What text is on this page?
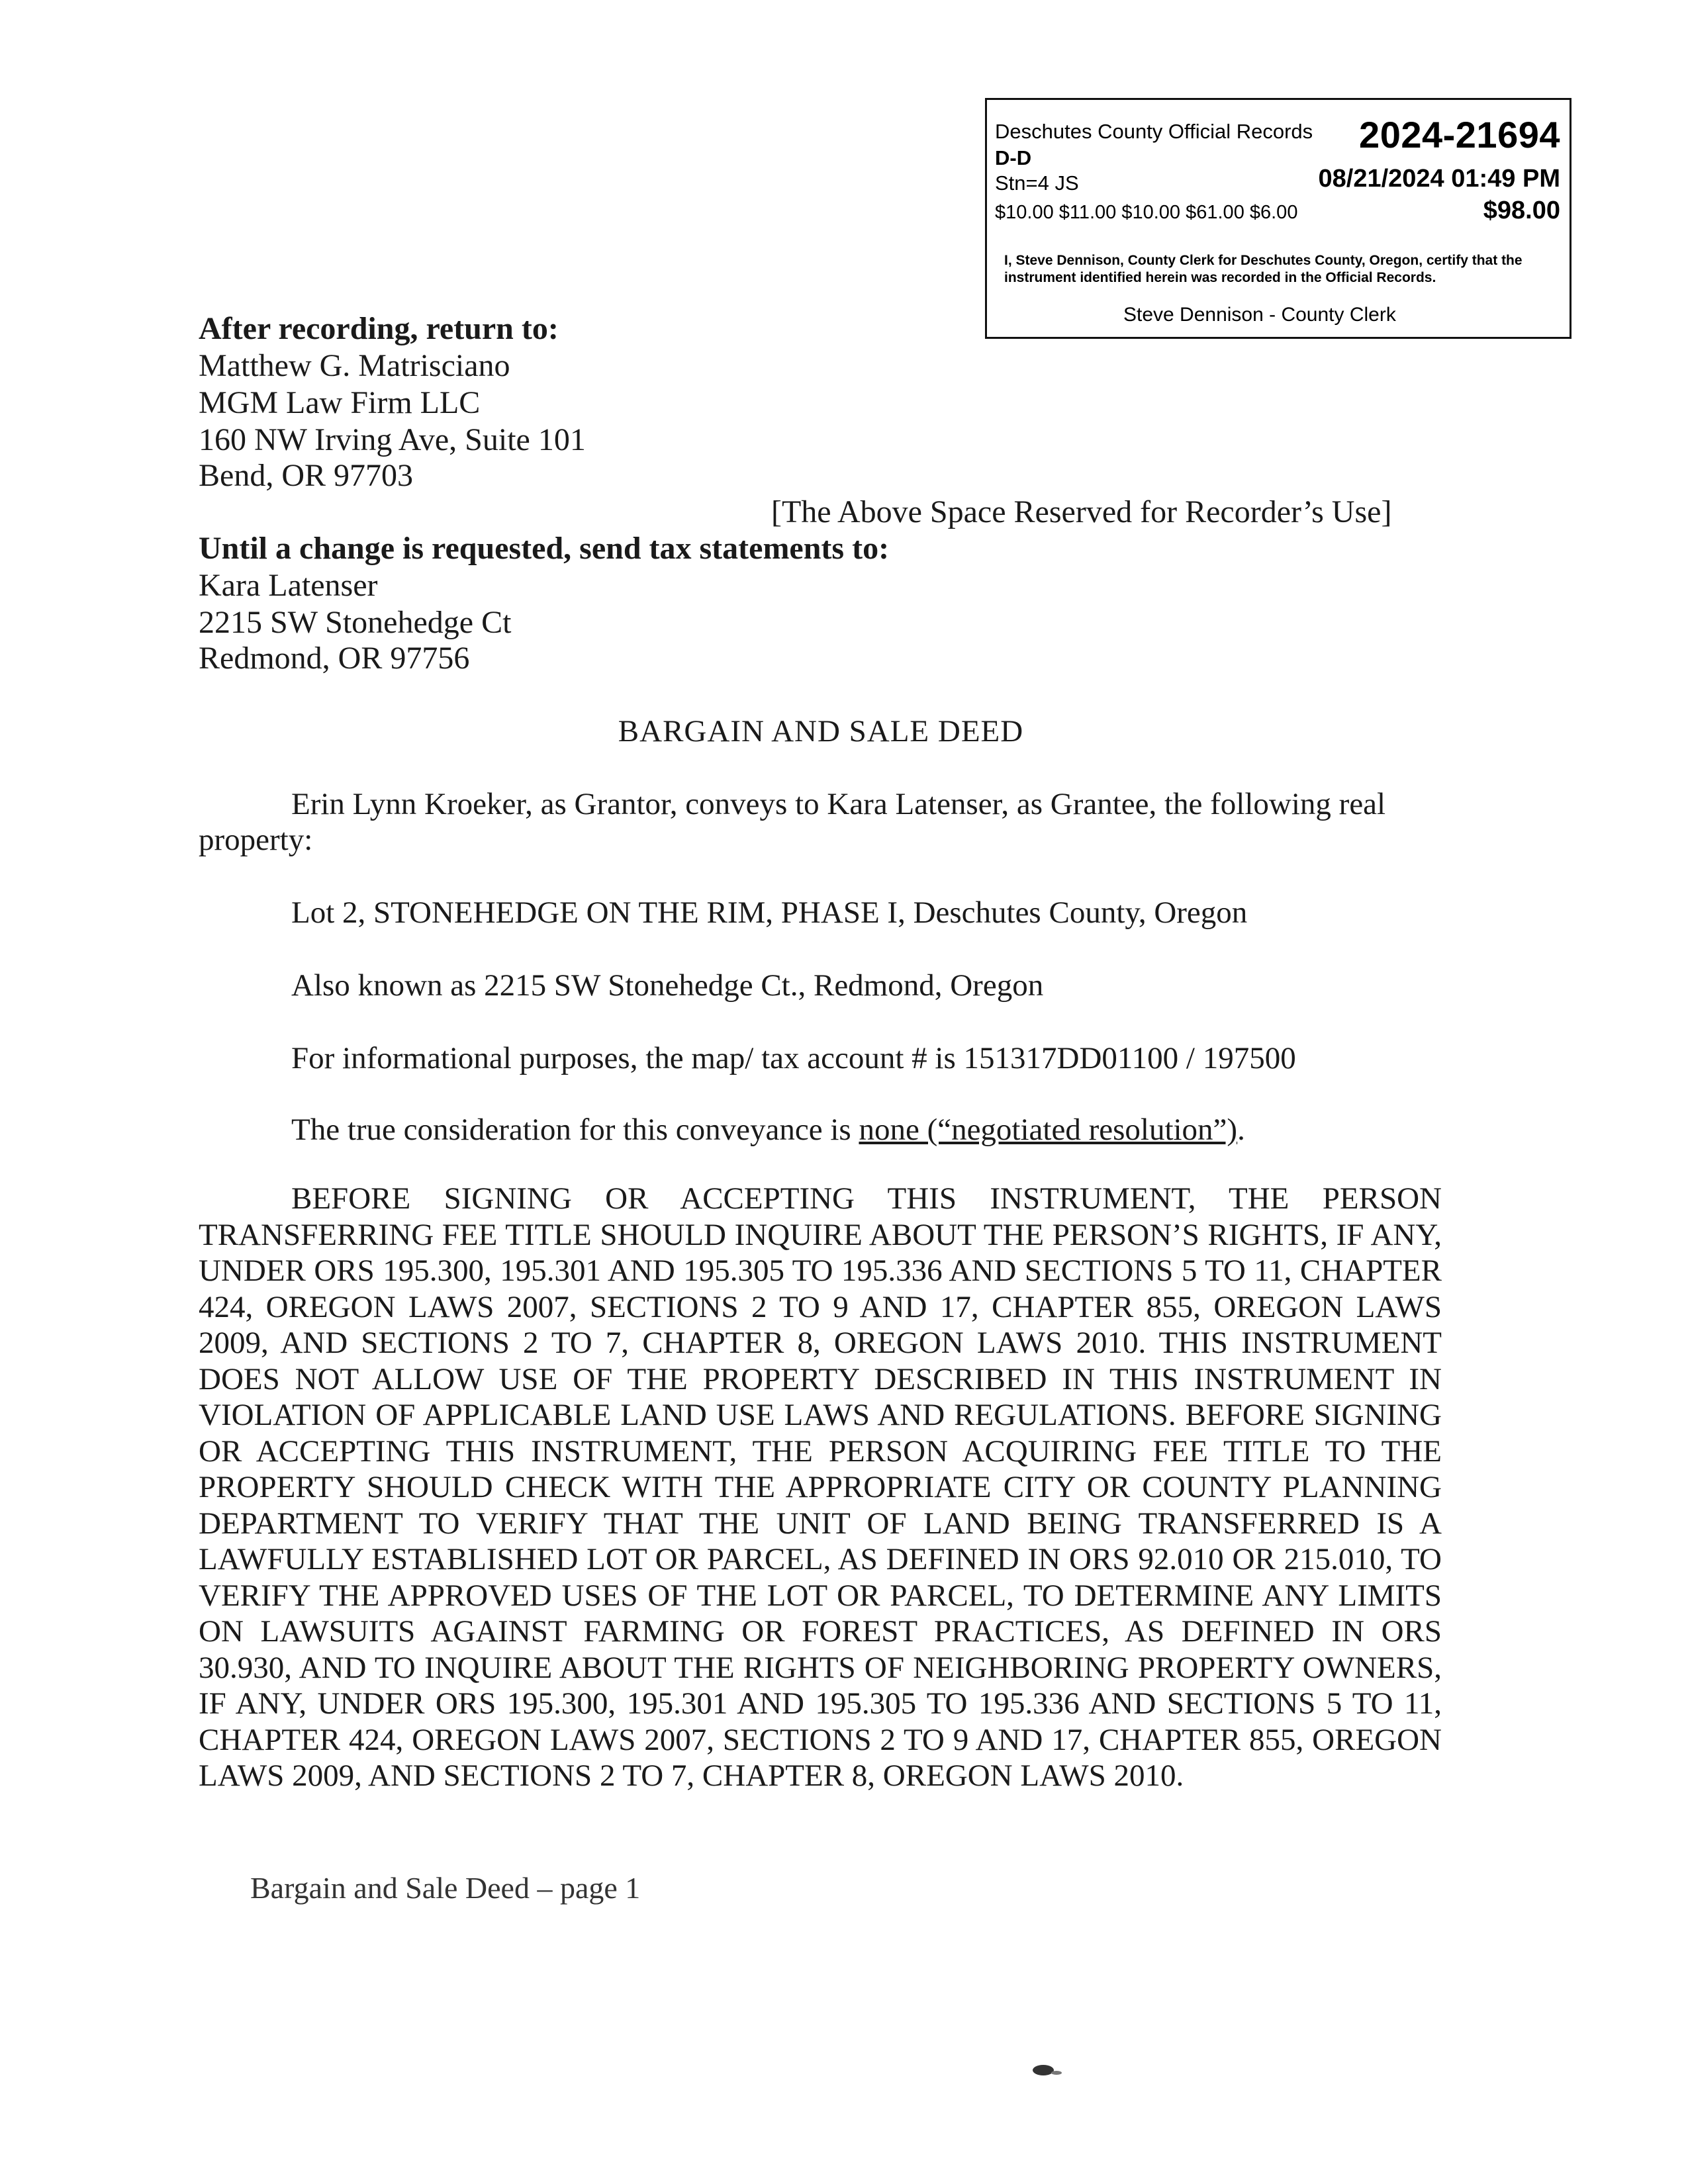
Deschutes County Official Records 2024-21694
D-D
Stn=4 JS	08/21/2024 01:49 PM
$10.00 $11.00 $10.00 $61.00 $6.00	$98.00
I, Steve Dennison, County Clerk for Deschutes County, Oregon, certify that the instrument identified herein was recorded in the Official Records.
Steve Dennison - County Clerk
After recording, return to:
Matthew G. Matrisciano
MGM Law Firm LLC
160 NW Irving Ave, Suite 101
Bend, OR 97703
[The Above Space Reserved for Recorder’s Use]
Until a change is requested, send tax statements to:
Kara Latenser
2215 SW Stonehedge Ct
Redmond, OR 97756
BARGAIN AND SALE DEED
Erin Lynn Kroeker, as Grantor, conveys to Kara Latenser, as Grantee, the following real property:
Lot 2, STONEHEDGE ON THE RIM, PHASE I, Deschutes County, Oregon
Also known as 2215 SW Stonehedge Ct., Redmond, Oregon
For informational purposes, the map/ tax account # is 151317DD01100 / 197500
The true consideration for this conveyance is none (“negotiated resolution”).
BEFORE SIGNING OR ACCEPTING THIS INSTRUMENT, THE PERSON TRANSFERRING FEE TITLE SHOULD INQUIRE ABOUT THE PERSON’S RIGHTS, IF ANY, UNDER ORS 195.300, 195.301 AND 195.305 TO 195.336 AND SECTIONS 5 TO 11, CHAPTER 424, OREGON LAWS 2007, SECTIONS 2 TO 9 AND 17, CHAPTER 855, OREGON LAWS 2009, AND SECTIONS 2 TO 7, CHAPTER 8, OREGON LAWS 2010. THIS INSTRUMENT DOES NOT ALLOW USE OF THE PROPERTY DESCRIBED IN THIS INSTRUMENT IN VIOLATION OF APPLICABLE LAND USE LAWS AND REGULATIONS. BEFORE SIGNING OR ACCEPTING THIS INSTRUMENT, THE PERSON ACQUIRING FEE TITLE TO THE PROPERTY SHOULD CHECK WITH THE APPROPRIATE CITY OR COUNTY PLANNING DEPARTMENT TO VERIFY THAT THE UNIT OF LAND BEING TRANSFERRED IS A LAWFULLY ESTABLISHED LOT OR PARCEL, AS DEFINED IN ORS 92.010 OR 215.010, TO VERIFY THE APPROVED USES OF THE LOT OR PARCEL, TO DETERMINE ANY LIMITS ON LAWSUITS AGAINST FARMING OR FOREST PRACTICES, AS DEFINED IN ORS 30.930, AND TO INQUIRE ABOUT THE RIGHTS OF NEIGHBORING PROPERTY OWNERS, IF ANY, UNDER ORS 195.300, 195.301 AND 195.305 TO 195.336 AND SECTIONS 5 TO 11, CHAPTER 424, OREGON LAWS 2007, SECTIONS 2 TO 9 AND 17, CHAPTER 855, OREGON LAWS 2009, AND SECTIONS 2 TO 7, CHAPTER 8, OREGON LAWS 2010.
Bargain and Sale Deed – page 1
